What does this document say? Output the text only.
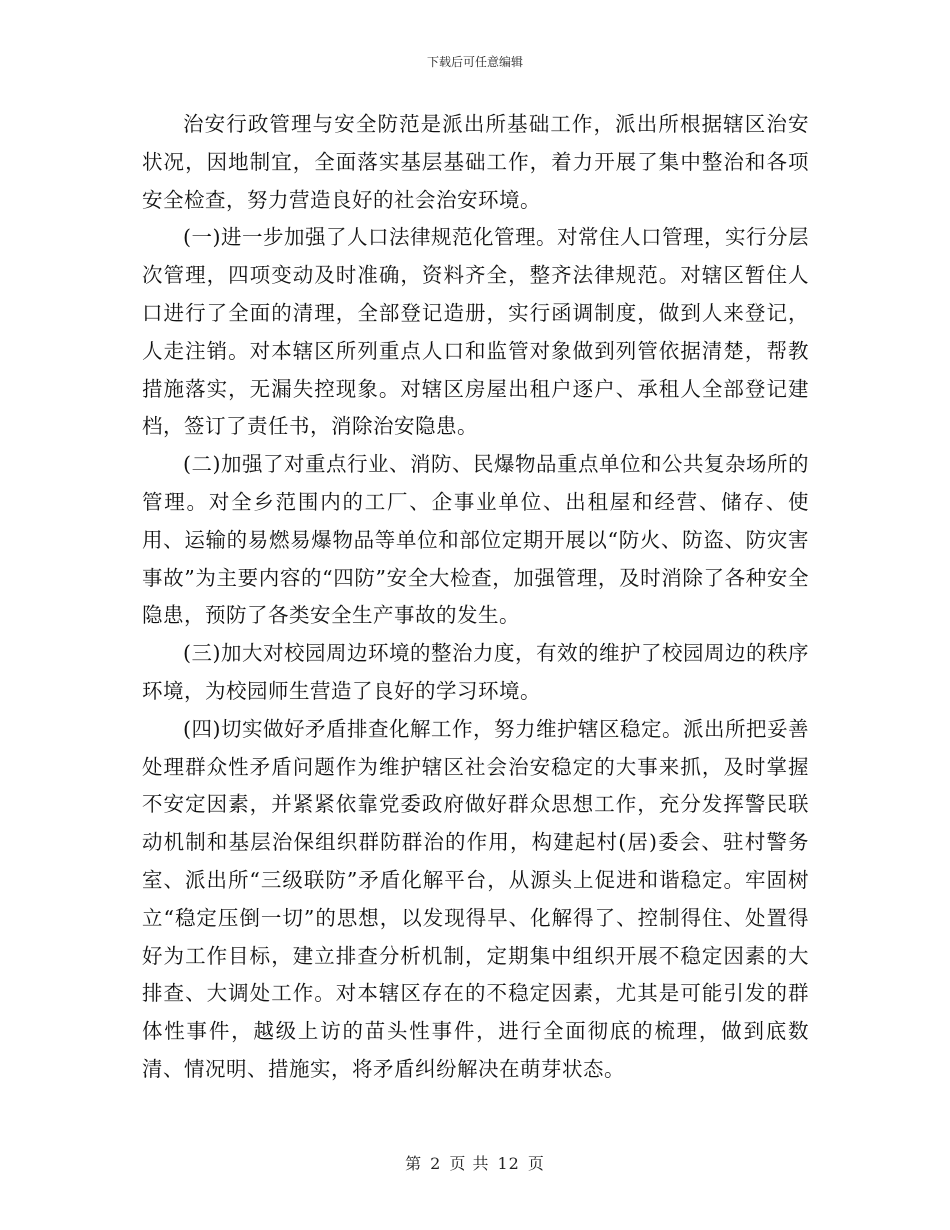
下载后可任意编辑

治安行政管理与安全防范是派出所基础工作，派出所根据辖区治安状况，因地制宜，全面落实基层基础工作，着力开展了集中整治和各项安全检查，努力营造良好的社会治安环境。

(一)进一步加强了人口法律规范化管理。对常住人口管理，实行分层次管理，四项变动及时准确，资料齐全，整齐法律规范。对辖区暂住人口进行了全面的清理，全部登记造册，实行函调制度，做到人来登记，人走注销。对本辖区所列重点人口和监管对象做到列管依据清楚，帮教措施落实，无漏失控现象。对辖区房屋出租户逐户、承租人全部登记建档，签订了责任书，消除治安隐患。

(二)加强了对重点行业、消防、民爆物品重点单位和公共复杂场所的管理。对全乡范围内的工厂、企事业单位、出租屋和经营、储存、使用、运输的易燃易爆物品等单位和部位定期开展以“防火、防盗、防灾害事故”为主要内容的“四防”安全大检查，加强管理，及时消除了各种安全隐患，预防了各类安全生产事故的发生。

(三)加大对校园周边环境的整治力度，有效的维护了校园周边的秩序环境，为校园师生营造了良好的学习环境。

(四)切实做好矛盾排查化解工作，努力维护辖区稳定。派出所把妥善处理群众性矛盾问题作为维护辖区社会治安稳定的大事来抓，及时掌握不安定因素，并紧紧依靠党委政府做好群众思想工作，充分发挥警民联动机制和基层治保组织群防群治的作用，构建起村(居)委会、驻村警务室、派出所“三级联防”矛盾化解平台，从源头上促进和谐稳定。牢固树立“稳定压倒一切”的思想，以发现得早、化解得了、控制得住、处置得好为工作目标，建立排查分析机制，定期集中组织开展不稳定因素的大排查、大调处工作。对本辖区存在的不稳定因素，尤其是可能引发的群体性事件，越级上访的苗头性事件，进行全面彻底的梳理，做到底数清、情况明、措施实，将矛盾纠纷解决在萌芽状态。

第 2 页 共 12 页
